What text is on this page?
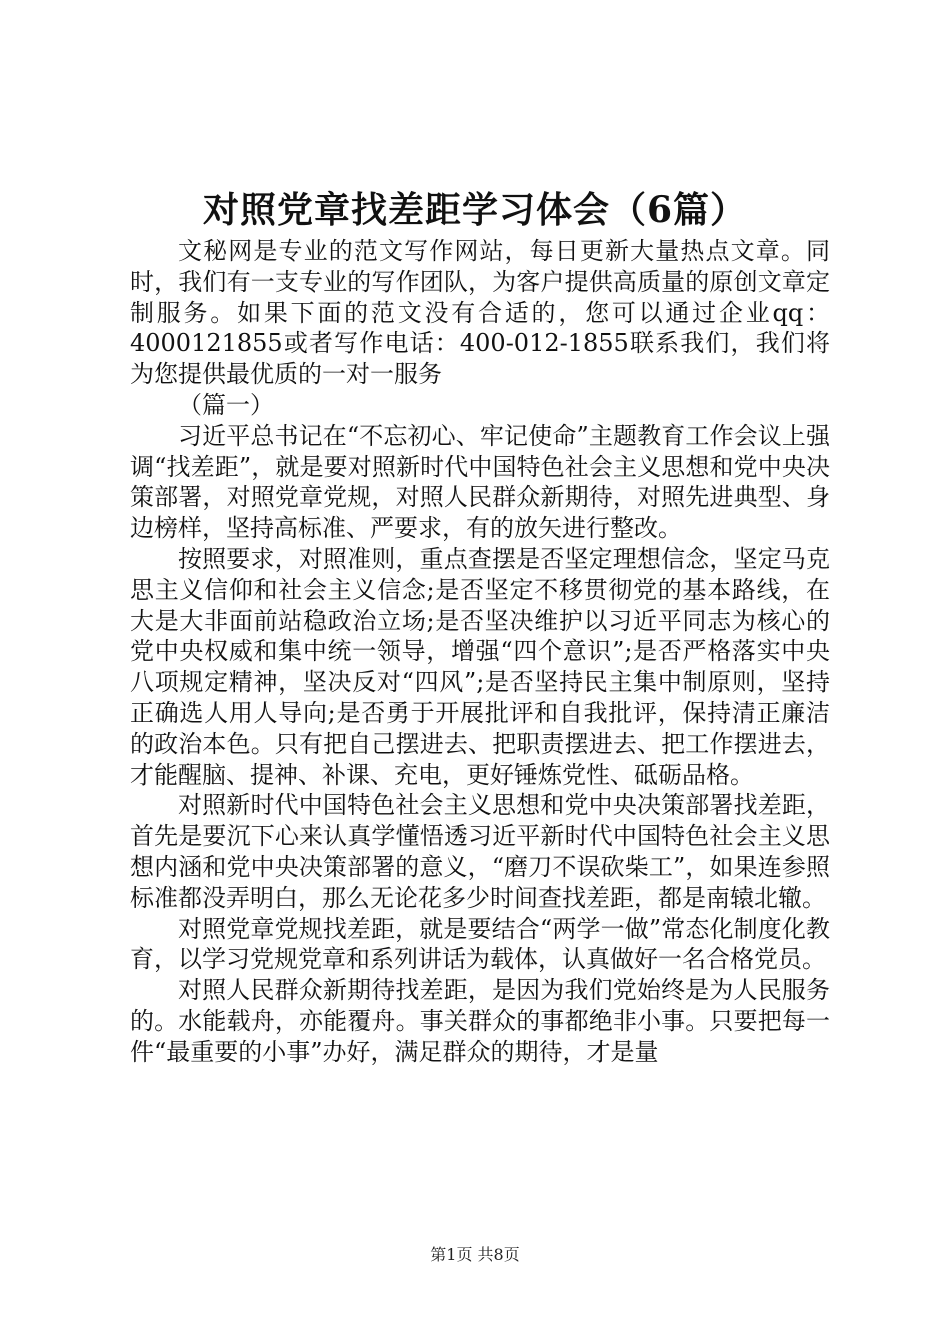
对照党章找差距学习体会（6篇）

文秘网是专业的范文写作网站，每日更新大量热点文章。同时，我们有一支专业的写作团队，为客户提供高质量的原创文章定制服务。如果下面的范文没有合适的，您可以通过企业qq：4000121855或者写作电话：400-012-1855联系我们，我们将为您提供最优质的一对一服务

（篇一）

习近平总书记在“不忘初心、牢记使命”主题教育工作会议上强调“找差距”，就是要对照新时代中国特色社会主义思想和党中央决策部署，对照党章党规，对照人民群众新期待，对照先进典型、身边榜样，坚持高标准、严要求，有的放矢进行整改。

按照要求，对照准则，重点查摆是否坚定理想信念，坚定马克思主义信仰和社会主义信念;是否坚定不移贯彻党的基本路线，在大是大非面前站稳政治立场;是否坚决维护以习近平同志为核心的党中央权威和集中统一领导，增强“四个意识”;是否严格落实中央八项规定精神，坚决反对“四风”;是否坚持民主集中制原则，坚持正确选人用人导向;是否勇于开展批评和自我批评，保持清正廉洁的政治本色。只有把自己摆进去、把职责摆进去、把工作摆进去，才能醒脑、提神、补课、充电，更好锤炼党性、砥砺品格。

对照新时代中国特色社会主义思想和党中央决策部署找差距，首先是要沉下心来认真学懂悟透习近平新时代中国特色社会主义思想内涵和党中央决策部署的意义，“磨刀不误砍柴工”，如果连参照标准都没弄明白，那么无论花多少时间查找差距，都是南辕北辙。

对照党章党规找差距，就是要结合“两学一做”常态化制度化教育，以学习党规党章和系列讲话为载体，认真做好一名合格党员。

对照人民群众新期待找差距，是因为我们党始终是为人民服务的。水能载舟，亦能覆舟。事关群众的事都绝非小事。只要把每一件“最重要的小事”办好，满足群众的期待，才是量

第1页 共8页
